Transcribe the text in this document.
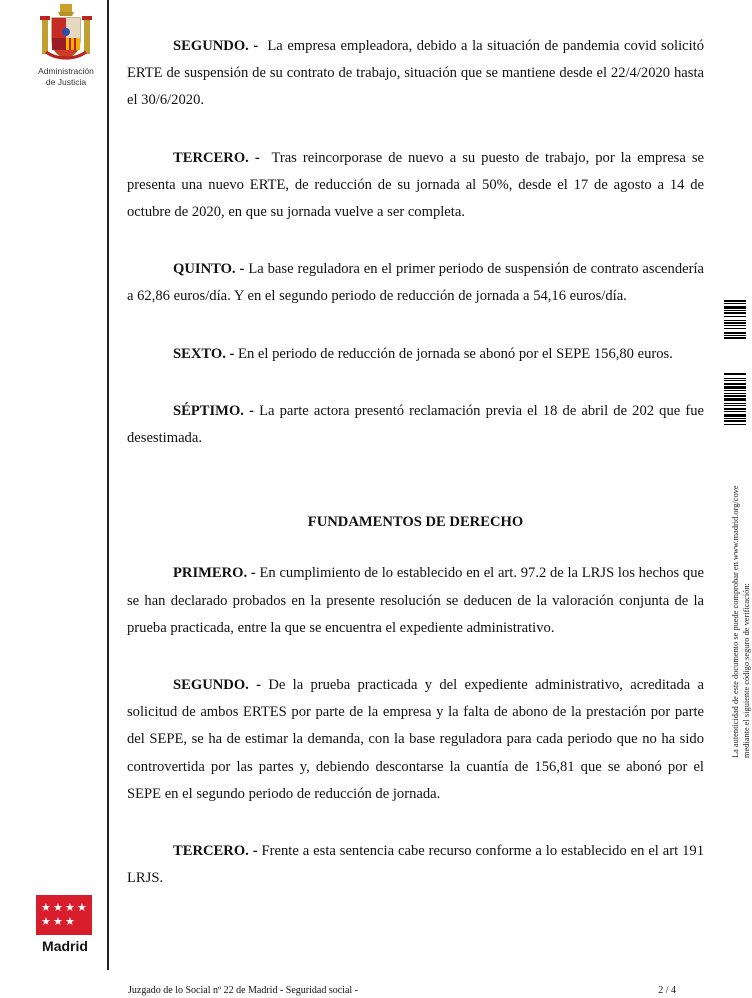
Administración
de Justicia

SEGUNDO. - La empresa empleadora, debido a la situación de pandemia covid solicitó ERTE de suspensión de su contrato de trabajo, situación que se mantiene desde el 22/4/2020 hasta el 30/6/2020.

TERCERO. - Tras reincorporase de nuevo a su puesto de trabajo, por la empresa se presenta una nuevo ERTE, de reducción de su jornada al 50%, desde el 17 de agosto a 14 de octubre de 2020, en que su jornada vuelve a ser completa.

QUINTO. - La base reguladora en el primer periodo de suspensión de contrato ascendería a 62,86 euros/día. Y en el segundo periodo de reducción de jornada a 54,16 euros/día.

SEXTO. - En el periodo de reducción de jornada se abonó por el SEPE 156,80 euros.

SÉPTIMO. - La parte actora presentó reclamación previa el 18 de abril de 202 que fue desestimada.

FUNDAMENTOS DE DERECHO

PRIMERO. - En cumplimiento de lo establecido en el art. 97.2 de la LRJS los hechos que se han declarado probados en la presente resolución se deducen de la valoración conjunta de la prueba practicada, entre la que se encuentra el expediente administrativo.

SEGUNDO. - De la prueba practicada y del expediente administrativo, acreditada a solicitud de ambos ERTES por parte de la empresa y la falta de abono de la prestación por parte del SEPE, se ha de estimar la demanda, con la base reguladora para cada periodo que no ha sido controvertida por las partes y, debiendo descontarse la cuantía de 156,81 que se abonó por el SEPE en el segundo periodo de reducción de jornada.

TERCERO. - Frente a esta sentencia cabe recurso conforme a lo establecido en el art 191 LRJS.

La autenticidad de este documento se puede comprobar en www.madrid.org/cove mediante el siguiente código seguro de verificación:
★ ★ ★ ★
★ ★ ★
Madrid
Juzgado de lo Social nº 22 de Madrid - Seguridad social -	2 / 4
